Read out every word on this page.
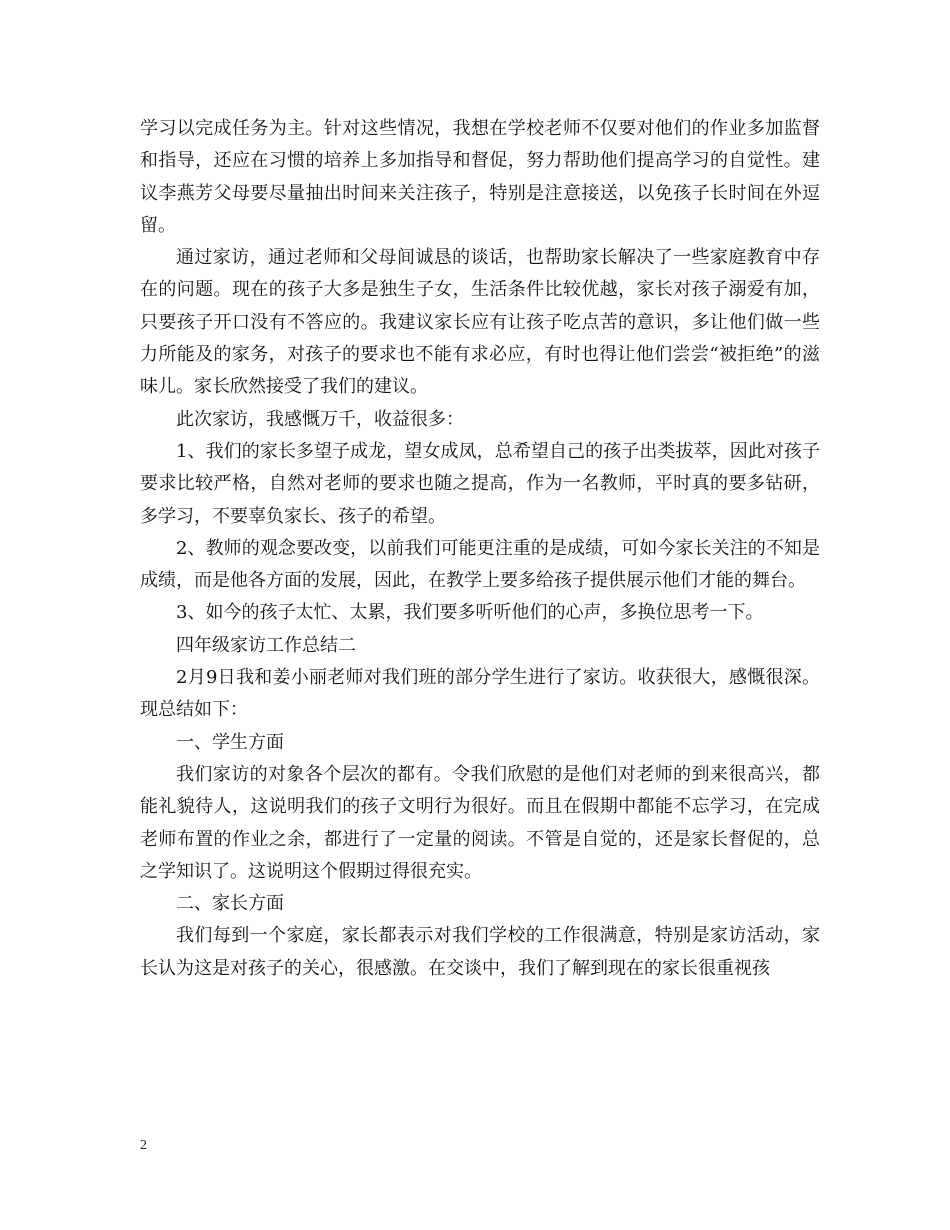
学习以完成任务为主。针对这些情况，我想在学校老师不仅要对他们的作业多加监督和指导，还应在习惯的培养上多加指导和督促，努力帮助他们提高学习的自觉性。建议李燕芳父母要尽量抽出时间来关注孩子，特别是注意接送，以免孩子长时间在外逗留。

通过家访，通过老师和父母间诚恳的谈话，也帮助家长解决了一些家庭教育中存在的问题。现在的孩子大多是独生子女，生活条件比较优越，家长对孩子溺爱有加，只要孩子开口没有不答应的。我建议家长应有让孩子吃点苦的意识，多让他们做一些力所能及的家务，对孩子的要求也不能有求必应，有时也得让他们尝尝“被拒绝”的滋味儿。家长欣然接受了我们的建议。

此次家访，我感慨万千，收益很多：

1、我们的家长多望子成龙，望女成凤，总希望自己的孩子出类拔萃，因此对孩子要求比较严格，自然对老师的要求也随之提高，作为一名教师，平时真的要多钻研，多学习，不要辜负家长、孩子的希望。

2、教师的观念要改变，以前我们可能更注重的是成绩，可如今家长关注的不知是成绩，而是他各方面的发展，因此，在教学上要多给孩子提供展示他们才能的舞台。

3、如今的孩子太忙、太累，我们要多听听他们的心声，多换位思考一下。

四年级家访工作总结二

2月9日我和姜小丽老师对我们班的部分学生进行了家访。收获很大，感慨很深。现总结如下：

一、学生方面

我们家访的对象各个层次的都有。令我们欣慰的是他们对老师的到来很高兴，都能礼貌待人，这说明我们的孩子文明行为很好。而且在假期中都能不忘学习，在完成老师布置的作业之余，都进行了一定量的阅读。不管是自觉的，还是家长督促的，总之学知识了。这说明这个假期过得很充实。

二、家长方面

我们每到一个家庭，家长都表示对我们学校的工作很满意，特别是家访活动，家长认为这是对孩子的关心，很感激。在交谈中，我们了解到现在的家长很重视孩

2
